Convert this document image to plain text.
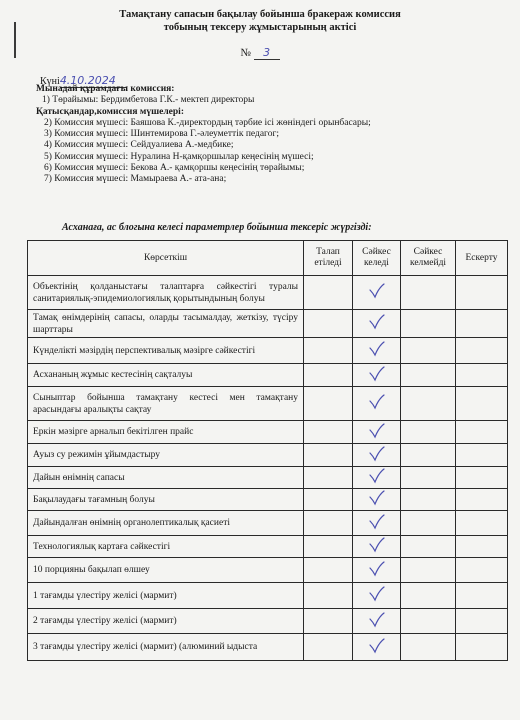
Тамақтану сапасын бақылау бойынша бракераж комиссия
тобының тексеру жұмыстарының актісі
№ 3
Күні4.10.2024
Мынадай құрамдағы комиссия:
1) Төрайымы: Бердимбетова Г.К.- мектеп директоры
Қатысқандар,комиссия мүшелері:
2) Комиссия мүшесі: Баяшова К.-директордың тәрбие ісі жөніндегі орынбасары;
3) Комиссия мүшесі: Шинтемирова Г.-әлеуметтік педагог;
4) Комиссия мүшесі: Сейдуалиева А.-медбике;
5) Комиссия мүшесі: Нуралина Н-қамқоршылар кеңесінің мүшесі;
6) Комиссия мүшесі: Бекова А.- қамқоршы кеңесінің төрайымы;
7) Комиссия мүшесі: Мамыраева А.- ата-ана;
Асханаға, ас блогына келесі параметрлер бойынша тексеріс жүргізді:
Көрсеткіш	Талап етіледі	Сәйкес келеді	Сәйкес келмейді	Ескерту
Объектінің қолданыстағы талаптарға сәйкестігі туралы санитариялық-эпидемиологиялық қорытындының болуы				
Тамақ өнімдерінің сапасы, оларды тасымалдау, жеткізу, түсіру шарттары				
Күнделікті мәзірдің перспективалық мәзірге сәйкестігі				
Асхананың жұмыс кестесінің сақталуы				
Сыныптар бойынша тамақтану кестесі мен тамақтану арасындағы аралықты сақтау				
Еркін мәзірге арналып бекітілген прайс				
Ауыз су режимін ұйымдастыру				
Дайын өнімнің сапасы				
Бақылаудағы тағамның болуы				
Дайындалған өнімнің органолептикалық қасиеті				
Технологиялық картаға сәйкестігі				
10 порцияны бақылап өлшеу				
1 тағамды үлестіру желісі (мармит)				
2 тағамды үлестіру желісі (мармит)				
3 тағамды үлестіру желісі (мармит) (алюминий ыдыста				
